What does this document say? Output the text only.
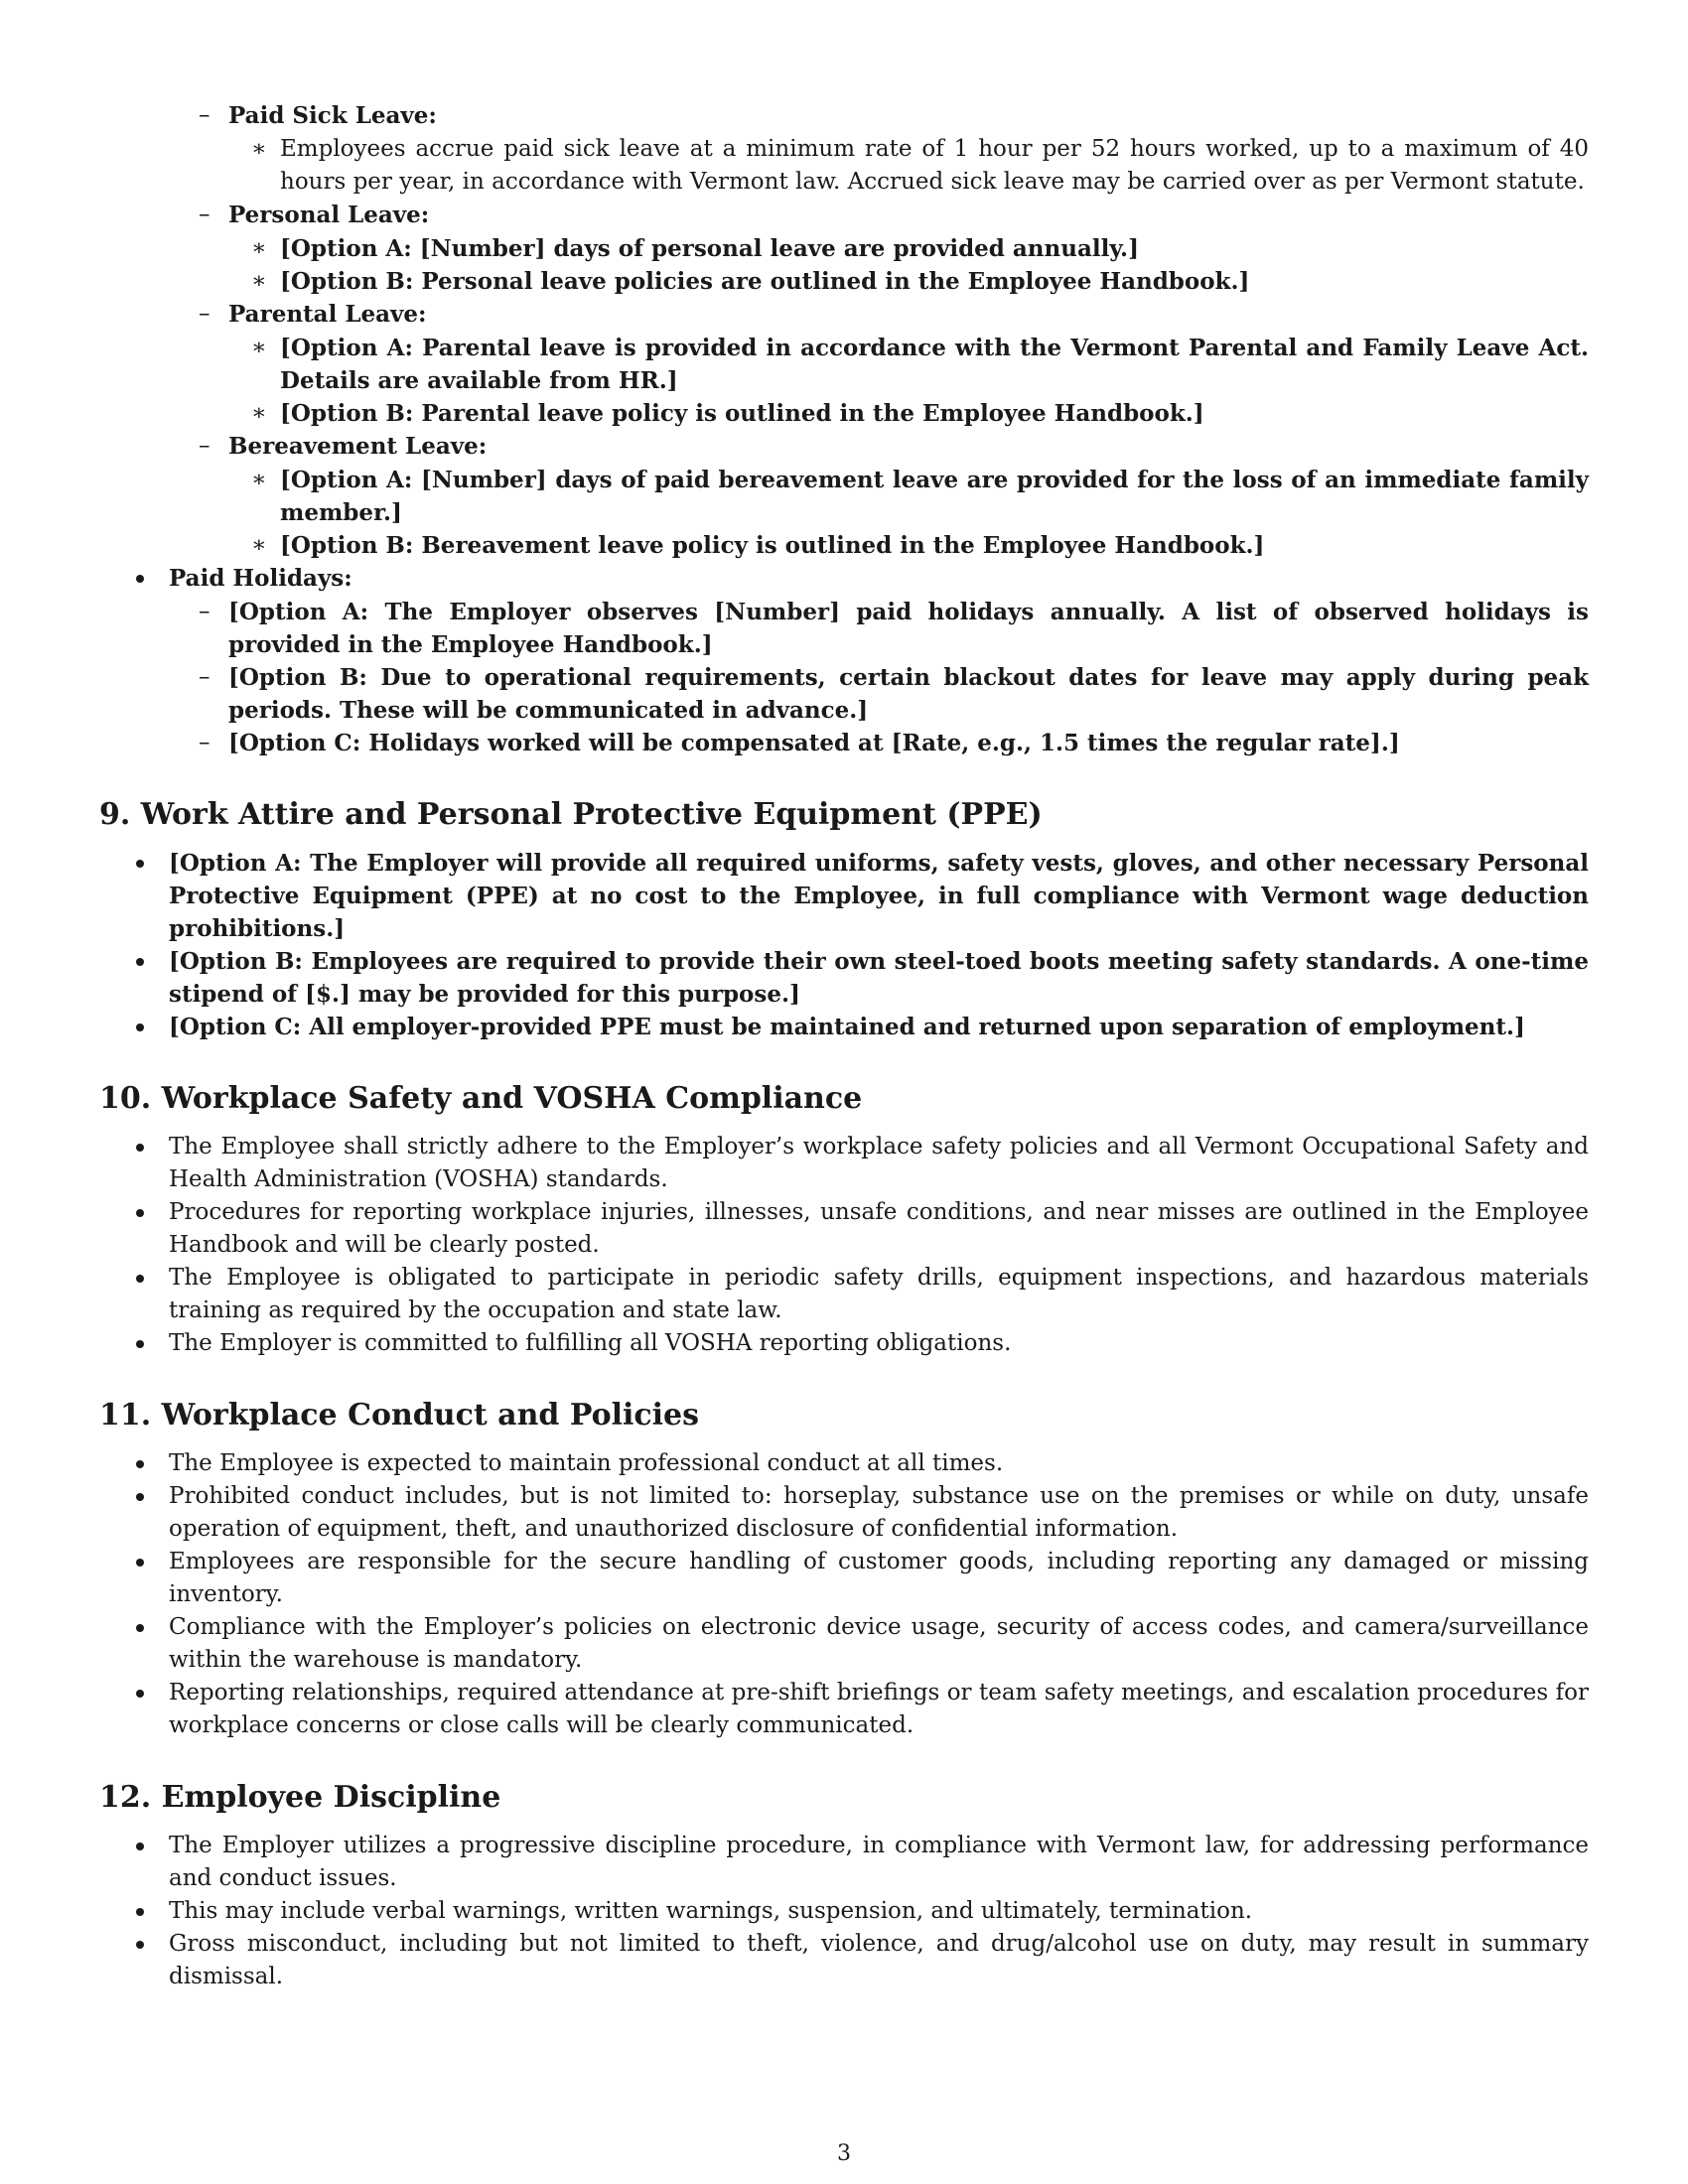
– Paid Sick Leave:
∗ Employees accrue paid sick leave at a minimum rate of 1 hour per 52 hours worked, up to a maximum of 40 hours per year, in accordance with Vermont law. Accrued sick leave may be carried over as per Vermont statute.
– Personal Leave:
∗ [Option A: [Number] days of personal leave are provided annually.]
∗ [Option B: Personal leave policies are outlined in the Employee Handbook.]
– Parental Leave:
∗ [Option A: Parental leave is provided in accordance with the Vermont Parental and Family Leave Act. Details are available from HR.]
∗ [Option B: Parental leave policy is outlined in the Employee Handbook.]
– Bereavement Leave:
∗ [Option A: [Number] days of paid bereavement leave are provided for the loss of an immediate family member.]
∗ [Option B: Bereavement leave policy is outlined in the Employee Handbook.]
Paid Holidays:
– [Option A: The Employer observes [Number] paid holidays annually. A list of observed holidays is provided in the Employee Handbook.]
– [Option B: Due to operational requirements, certain blackout dates for leave may apply during peak periods. These will be communicated in advance.]
– [Option C: Holidays worked will be compensated at [Rate, e.g., 1.5 times the regular rate].]
9. Work Attire and Personal Protective Equipment (PPE)
[Option A: The Employer will provide all required uniforms, safety vests, gloves, and other necessary Personal Protective Equipment (PPE) at no cost to the Employee, in full compliance with Vermont wage deduction prohibitions.]
[Option B: Employees are required to provide their own steel-toed boots meeting safety standards. A one-time stipend of [$.] may be provided for this purpose.]
[Option C: All employer-provided PPE must be maintained and returned upon separation of employment.]
10. Workplace Safety and VOSHA Compliance
The Employee shall strictly adhere to the Employer’s workplace safety policies and all Vermont Occupational Safety and Health Administration (VOSHA) standards.
Procedures for reporting workplace injuries, illnesses, unsafe conditions, and near misses are outlined in the Employee Handbook and will be clearly posted.
The Employee is obligated to participate in periodic safety drills, equipment inspections, and hazardous materials training as required by the occupation and state law.
The Employer is committed to fulfilling all VOSHA reporting obligations.
11. Workplace Conduct and Policies
The Employee is expected to maintain professional conduct at all times.
Prohibited conduct includes, but is not limited to: horseplay, substance use on the premises or while on duty, unsafe operation of equipment, theft, and unauthorized disclosure of confidential information.
Employees are responsible for the secure handling of customer goods, including reporting any damaged or missing inventory.
Compliance with the Employer’s policies on electronic device usage, security of access codes, and camera/surveillance within the warehouse is mandatory.
Reporting relationships, required attendance at pre-shift briefings or team safety meetings, and escalation procedures for workplace concerns or close calls will be clearly communicated.
12. Employee Discipline
The Employer utilizes a progressive discipline procedure, in compliance with Vermont law, for addressing performance and conduct issues.
This may include verbal warnings, written warnings, suspension, and ultimately, termination.
Gross misconduct, including but not limited to theft, violence, and drug/alcohol use on duty, may result in summary dismissal.
3
